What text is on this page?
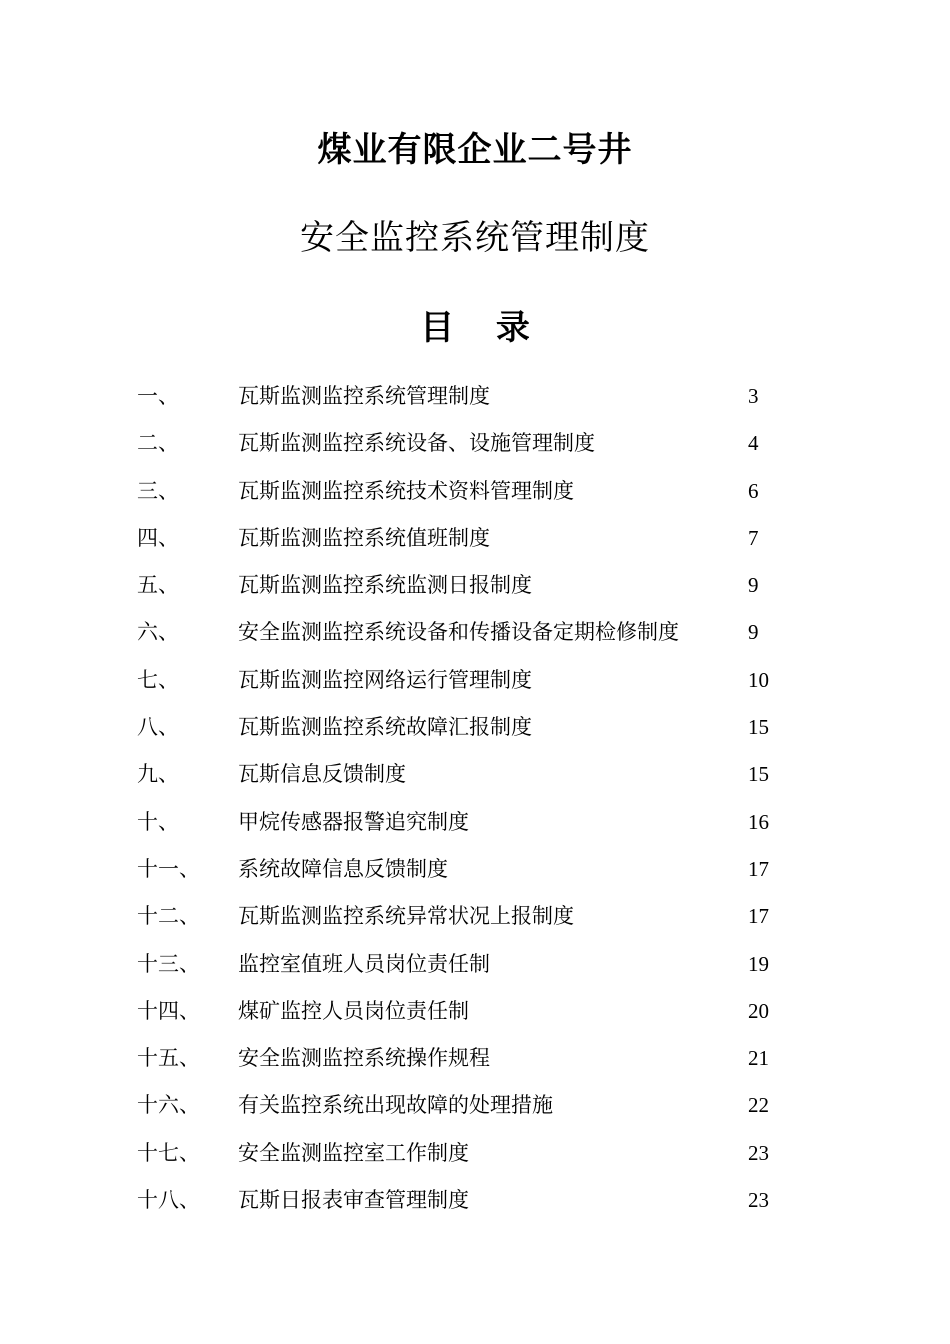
煤业有限企业二号井
安全监控系统管理制度
目 录
一、	瓦斯监测监控系统管理制度	3
二、	瓦斯监测监控系统设备、设施管理制度	4
三、	瓦斯监测监控系统技术资料管理制度	6
四、	瓦斯监测监控系统值班制度	7
五、	瓦斯监测监控系统监测日报制度	9
六、	安全监测监控系统设备和传播设备定期检修制度	9
七、	瓦斯监测监控网络运行管理制度	10
八、	瓦斯监测监控系统故障汇报制度	15
九、	瓦斯信息反馈制度	15
十、	甲烷传感器报警追究制度	16
十一、 系统故障信息反馈制度	17
十二、 瓦斯监测监控系统异常状况上报制度	17
十三、 监控室值班人员岗位责任制	19
十四、 煤矿监控人员岗位责任制	20
十五、 安全监测监控系统操作规程	21
十六、 有关监控系统出现故障的处理措施	22
十七、 安全监测监控室工作制度	23
十八、 瓦斯日报表审查管理制度	23
